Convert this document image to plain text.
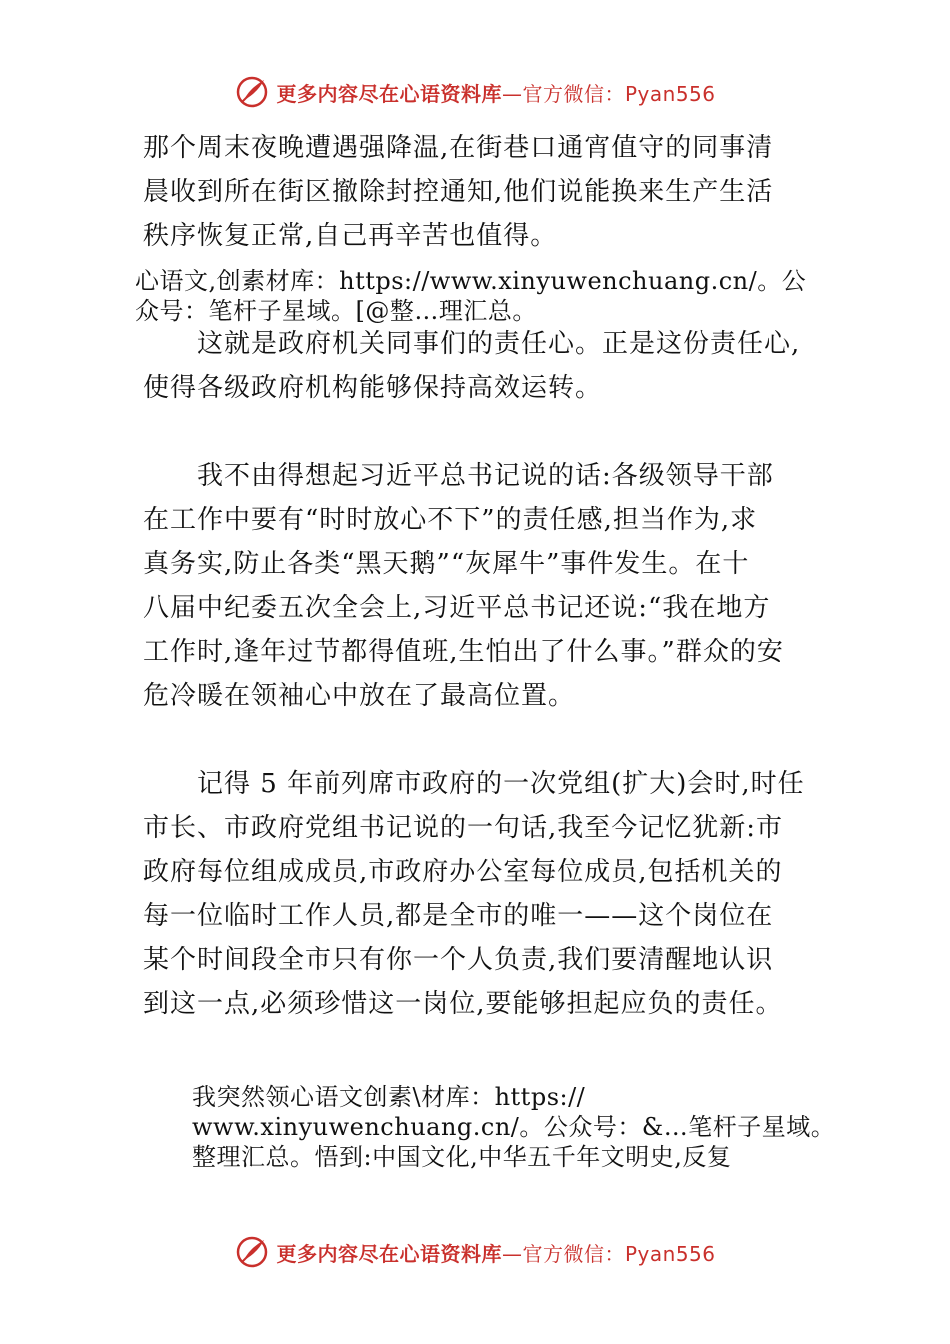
更多内容尽在心语资料库—官方微信：Pyan556
那个周末夜晚遭遇强降温,在街巷口通宵值守的同事清
晨收到所在街区撤除封控通知,他们说能换来生产生活
秩序恢复正常,自己再辛苦也值得。
心语文,创素材库：https://www.xinyuwenchuang.cn/。公
众号：笔杆子星域。[@整…理汇总。
　　这就是政府机关同事们的责任心。正是这份责任心,
使得各级政府机构能够保持高效运转。
　　我不由得想起习近平总书记说的话:各级领导干部
在工作中要有“时时放心不下”的责任感,担当作为,求
真务实,防止各类“黑天鹅”“灰犀牛”事件发生。在十
八届中纪委五次全会上,习近平总书记还说:“我在地方
工作时,逢年过节都得值班,生怕出了什么事。”群众的安
危冷暖在领袖心中放在了最高位置。
　　记得 5 年前列席市政府的一次党组(扩大)会时,时任
市长、市政府党组书记说的一句话,我至今记忆犹新:市
政府每位组成成员,市政府办公室每位成员,包括机关的
每一位临时工作人员,都是全市的唯一——这个岗位在
某个时间段全市只有你一个人负责,我们要清醒地认识
到这一点,必须珍惜这一岗位,要能够担起应负的责任。
　　我突然领心语文创素\材库：https://
　　www.xinyuwenchuang.cn/。公众号：&…笔杆子星域。
　　整理汇总。悟到:中国文化,中华五千年文明史,反复
更多内容尽在心语资料库—官方微信：Pyan556
